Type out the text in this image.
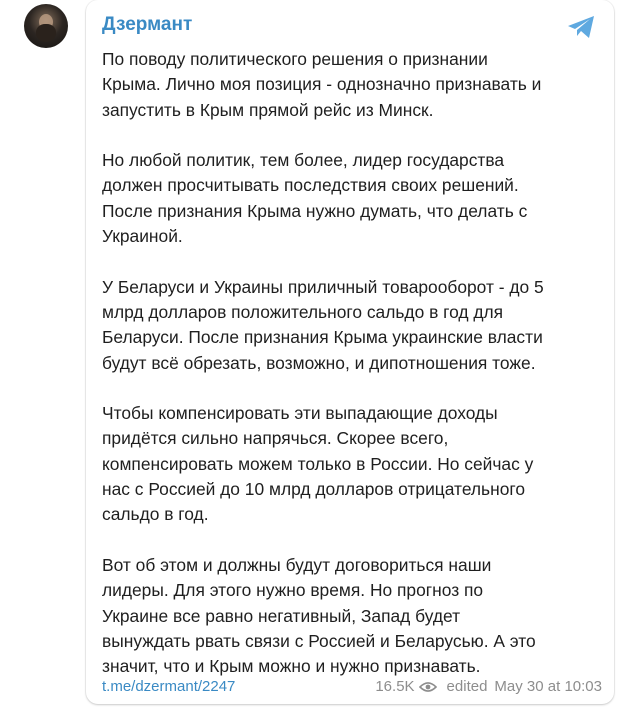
Дзермант

По поводу политического решения о признании
Крыма. Лично моя позиция - однозначно признавать и
запустить в Крым прямой рейс из Минск.

Но любой политик, тем более, лидер государства
должен просчитывать последствия своих решений.
После признания Крыма нужно думать, что делать с
Украиной.

У Беларуси и Украины приличный товарооборот - до 5
млрд долларов положительного сальдо в год для
Беларуси. После признания Крыма украинские власти
будут всё обрезать, возможно, и дипотношения тоже.

Чтобы компенсировать эти выпадающие доходы
придётся сильно напрячься. Скорее всего,
компенсировать можем только в России. Но сейчас у
нас с Россией до 10 млрд долларов отрицательного
сальдо в год.

Вот об этом и должны будут договориться наши
лидеры. Для этого нужно время. Но прогноз по
Украине все равно негативный, Запад будет
вынуждать рвать связи с Россией и Беларусью. А это
значит, что и Крым можно и нужно признавать.

t.me/dzermant/2247	16.5K edited May 30 at 10:03
